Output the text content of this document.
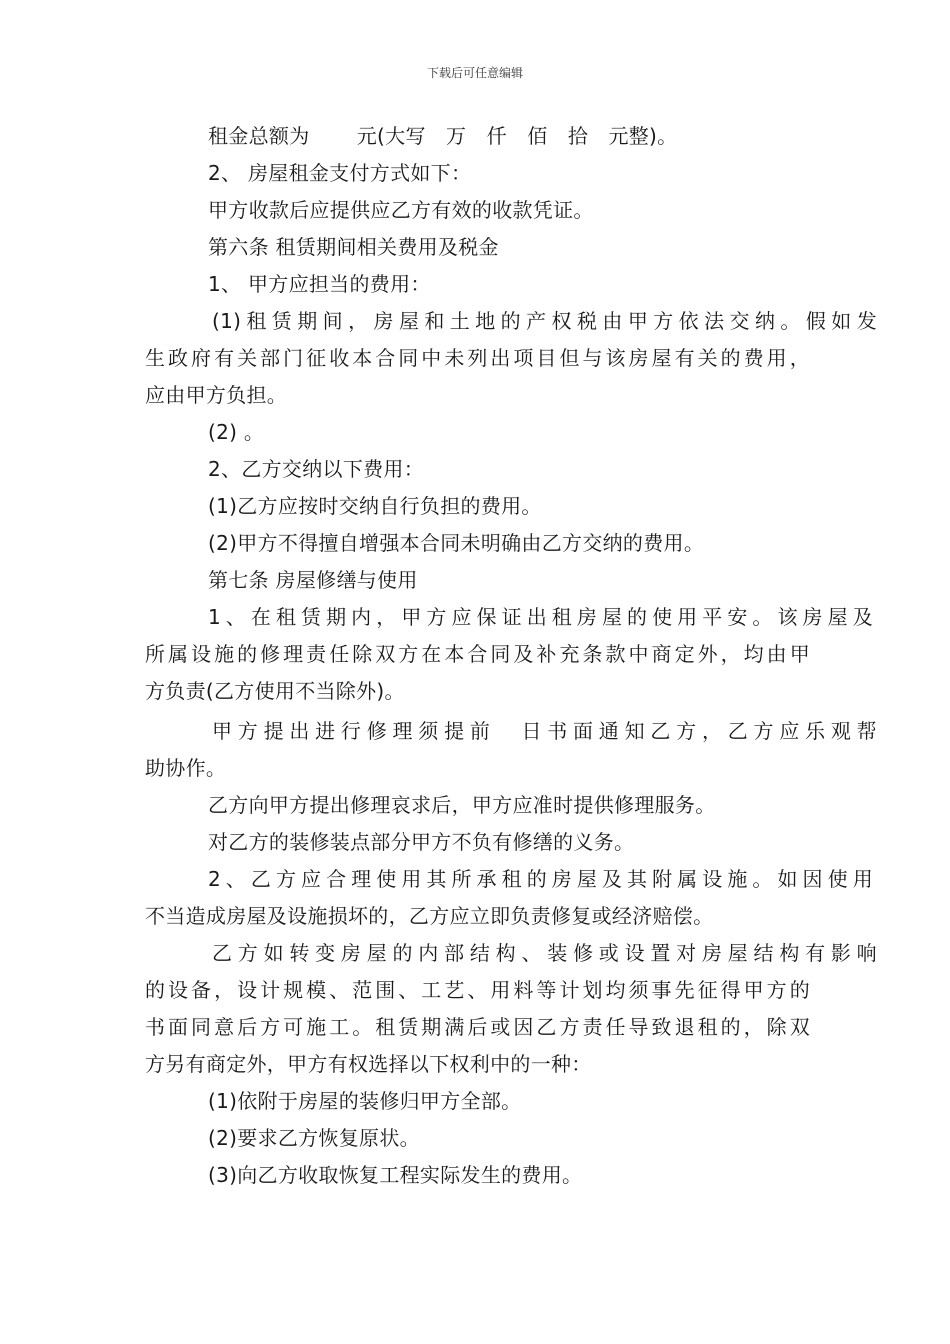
下载后可任意编辑
租金总额为　　 元(大写　万　仟　佰　拾　元整)。
2、 房屋租金支付方式如下：
甲方收款后应提供应乙方有效的收款凭证。
第六条 租赁期间相关费用及税金
1、 甲方应担当的费用：
(1)租赁期间，房屋和土地的产权税由甲方依法交纳。假如发
生政府有关部门征收本合同中未列出项目但与该房屋有关的费用，
应由甲方负担。
(2) 。
2、乙方交纳以下费用：
(1)乙方应按时交纳自行负担的费用。
(2)甲方不得擅自增强本合同未明确由乙方交纳的费用。
第七条 房屋修缮与使用
1、在租赁期内，甲方应保证出租房屋的使用平安。该房屋及
所属设施的修理责任除双方在本合同及补充条款中商定外，均由甲
方负责(乙方使用不当除外)。
甲方提出进行修理须提前　日书面通知乙方，乙方应乐观帮
助协作。
乙方向甲方提出修理哀求后，甲方应准时提供修理服务。
对乙方的装修装点部分甲方不负有修缮的义务。
2、乙方应合理使用其所承租的房屋及其附属设施。如因使用
不当造成房屋及设施损坏的，乙方应立即负责修复或经济赔偿。
乙方如转变房屋的内部结构、装修或设置对房屋结构有影响
的设备，设计规模、范围、工艺、用料等计划均须事先征得甲方的
书面同意后方可施工。租赁期满后或因乙方责任导致退租的，除双
方另有商定外，甲方有权选择以下权利中的一种：
(1)依附于房屋的装修归甲方全部。
(2)要求乙方恢复原状。
(3)向乙方收取恢复工程实际发生的费用。
